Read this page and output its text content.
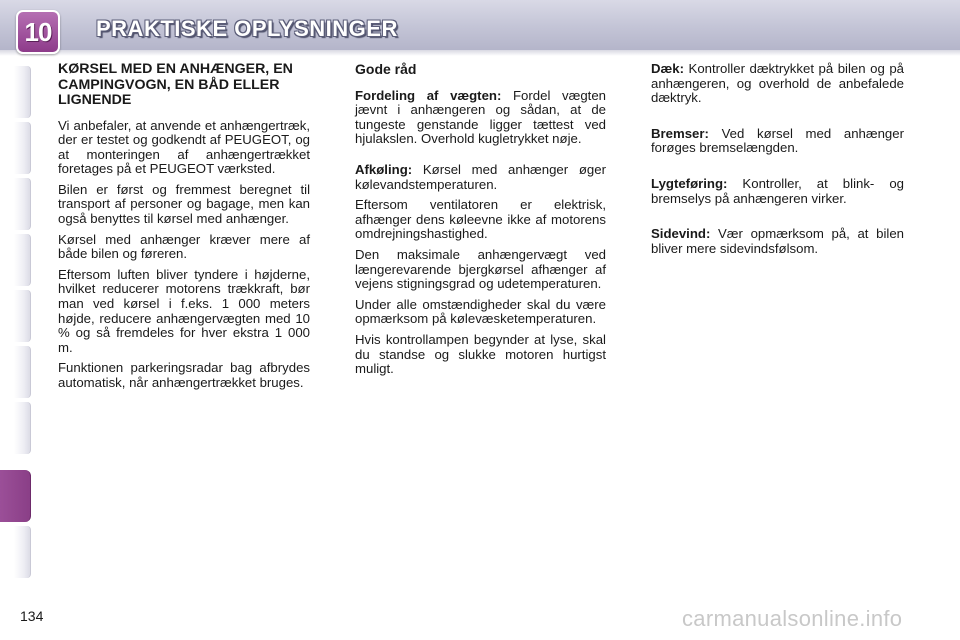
10	PRAKTISKE OPLYSNINGER
KØRSEL MED EN ANHÆNGER, EN CAMPINGVOGN, EN BÅD ELLER LIGNENDE

Vi anbefaler, at anvende et anhængertræk, der er testet og godkendt af PEUGEOT, og at monteringen af anhængertrækket foretages på et PEUGEOT værksted.

Bilen er først og fremmest beregnet til transport af personer og bagage, men kan også benyttes til kørsel med anhænger.

Kørsel med anhænger kræver mere af både bilen og føreren.

Eftersom luften bliver tyndere i højderne, hvilket reducerer motorens trækkraft, bør man ved kørsel i f.eks. 1 000 meters højde, reducere anhængervægten med 10 % og så fremdeles for hver ekstra 1 000 m.

Funktionen parkeringsradar bag afbrydes automatisk, når anhængertrækket bruges.

Gode råd

Fordeling af vægten: Fordel vægten jævnt i anhængeren og sådan, at de tungeste genstande ligger tættest ved hjulakslen. Overhold kugletrykket nøje.

Afkøling: Kørsel med anhænger øger kølevandstemperaturen.

Eftersom ventilatoren er elektrisk, afhænger dens køleevne ikke af motorens omdrejningshastighed.

Den maksimale anhængervægt ved længerevarende bjergkørsel afhænger af vejens stigningsgrad og udetemperaturen.

Under alle omstændigheder skal du være opmærksom på kølevæsketemperaturen.

Hvis kontrollampen begynder at lyse, skal du standse og slukke motoren hurtigst muligt.

Dæk: Kontroller dæktrykket på bilen og på anhængeren, og overhold de anbefalede dæktryk.

Bremser: Ved kørsel med anhænger forøges bremselængden.

Lygteføring: Kontroller, at blink- og bremselys på anhængeren virker.

Sidevind: Vær opmærksom på, at bilen bliver mere sidevindsfølsom.

134	carmanualsonline.info
